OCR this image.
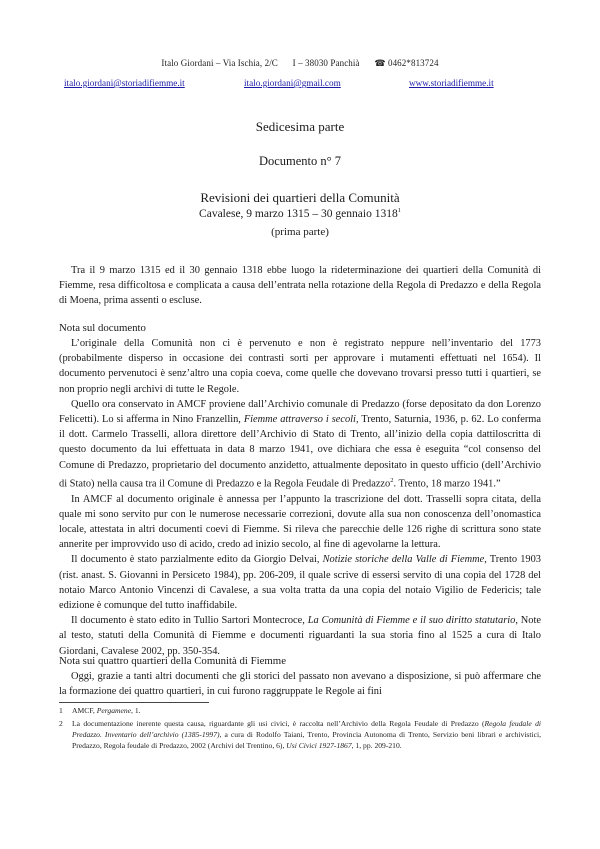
Italo Giordani – Via Ischia, 2/C I – 38030 Panchià ☎ 0462*813724
italo.giordani@storiadifiemme.it	italo.giordani@gmail.com	www.storiadifiemme.it
Sedicesima parte
Documento n° 7
Revisioni dei quartieri della Comunità
Cavalese, 9 marzo 1315 – 30 gennaio 1318$^1$
(prima parte)

Tra il 9 marzo 1315 ed il 30 gennaio 1318 ebbe luogo la rideterminazione dei quartieri della Comunità di Fiemme, resa difficoltosa e complicata a causa dell’entrata nella rotazione della Regola di Predazzo e della Regola di Moena, prima assenti o escluse.

Nota sul documento

L’originale della Comunità non ci è pervenuto e non è registrato neppure nell’inventario del 1773 (probabilmente disperso in occasione dei contrasti sorti per approvare i mutamenti effettuati nel 1654). Il documento pervenutoci è senz’altro una copia coeva, come quelle che dovevano trovarsi presso tutti i quartieri, se non proprio negli archivi di tutte le Regole.

Quello ora conservato in AMCF proviene dall’Archivio comunale di Predazzo (forse depositato da don Lorenzo Felicetti). Lo si afferma in Nino Franzellin, Fiemme attraverso i secoli, Trento, Saturnia, 1936, p. 62. Lo conferma il dott. Carmelo Trasselli, allora direttore dell’Archivio di Stato di Trento, all’inizio della copia dattiloscritta di questo documento da lui effettuata in data 8 marzo 1941, ove dichiara che essa è eseguita “col consenso del Comune di Predazzo, proprietario del documento anzidetto, attualmente depositato in questo ufficio (dell’Archivio di Stato) nella causa tra il Comune di Predazzo e la Regola Feudale di Predazzo$^2$. Trento, 18 marzo 1941.”

In AMCF al documento originale è annessa per l’appunto la trascrizione del dott. Trasselli sopra citata, della quale mi sono servito pur con le numerose necessarie correzioni, dovute alla sua non conoscenza dell’onomastica locale, attestata in altri documenti coevi di Fiemme. Si rileva che parecchie delle 126 righe di scrittura sono state annerite per improvvido uso di acido, credo ad inizio secolo, al fine di agevolarne la lettura.

Il documento è stato parzialmente edito da Giorgio Delvai, Notizie storiche della Valle di Fiemme, Trento 1903 (rist. anast. S. Giovanni in Persiceto 1984), pp. 206-209, il quale scrive di essersi servito di una copia del 1728 del notaio Marco Antonio Vincenzi di Cavalese, a sua volta tratta da una copia del notaio Vigilio de Federicis; tale edizione è comunque del tutto inaffidabile.

Il documento è stato edito in Tullio Sartori Montecroce, La Comunità di Fiemme e il suo diritto statutario, Note al testo, statuti della Comunità di Fiemme e documenti riguardanti la sua storia fino al 1525 a cura di Italo Giordani, Cavalese 2002, pp. 350-354.

Nota sui quattro quartieri della Comunità di Fiemme

Oggi, grazie a tanti altri documenti che gli storici del passato non avevano a disposizione, si può affermare che la formazione dei quattro quartieri, in cui furono raggruppate le Regole ai fini

1 AMCF, Pergamene, 1.
2 La documentazione inerente questa causa, riguardante gli usi civici, è raccolta nell’Archivio della Regola Feudale di Predazzo (Regola feudale di Predazzo. Inventario dell’archivio (1385-1997), a cura di Rodolfo Taiani, Trento, Provincia Autonoma di Trento, Servizio beni librari e archivistici, Predazzo, Regola feudale di Predazzo, 2002 (Archivi del Trentino, 6), Usi Civici 1927-1867, 1, pp. 209-210.
